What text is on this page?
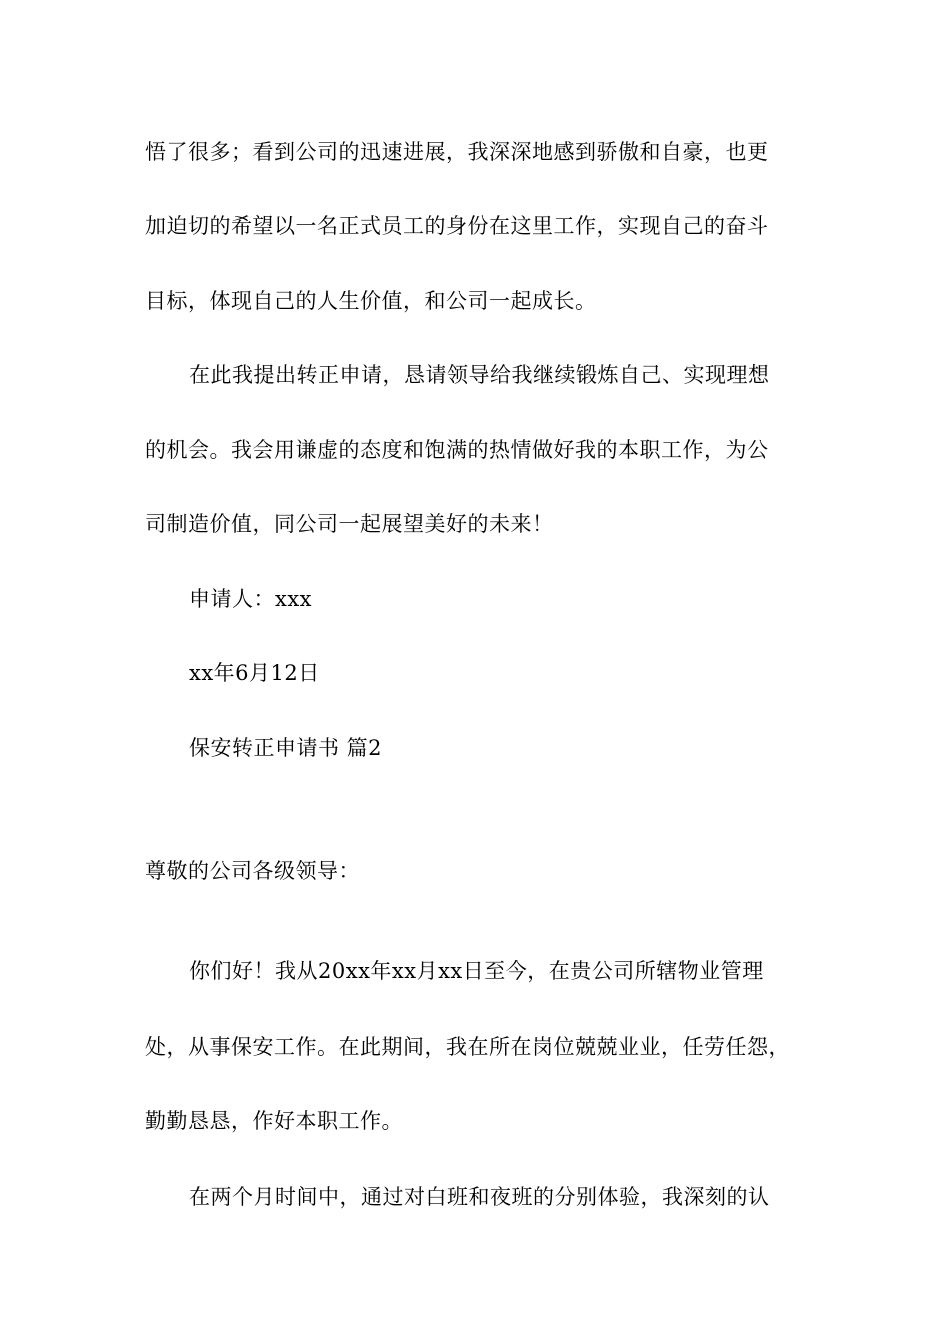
悟了很多；看到公司的迅速进展，我深深地感到骄傲和自豪，也更
加迫切的希望以一名正式员工的身份在这里工作，实现自己的奋斗
目标，体现自己的人生价值，和公司一起成长。
在此我提出转正申请，恳请领导给我继续锻炼自己、实现理想
的机会。我会用谦虚的态度和饱满的热情做好我的本职工作，为公
司制造价值，同公司一起展望美好的未来！
申请人：xxx
xx年6月12日
保安转正申请书 篇2
尊敬的公司各级领导：
你们好！我从20xx年xx月xx日至今，在贵公司所辖物业管理
处，从事保安工作。在此期间，我在所在岗位兢兢业业，任劳任怨，
勤勤恳恳，作好本职工作。
在两个月时间中，通过对白班和夜班的分别体验，我深刻的认
